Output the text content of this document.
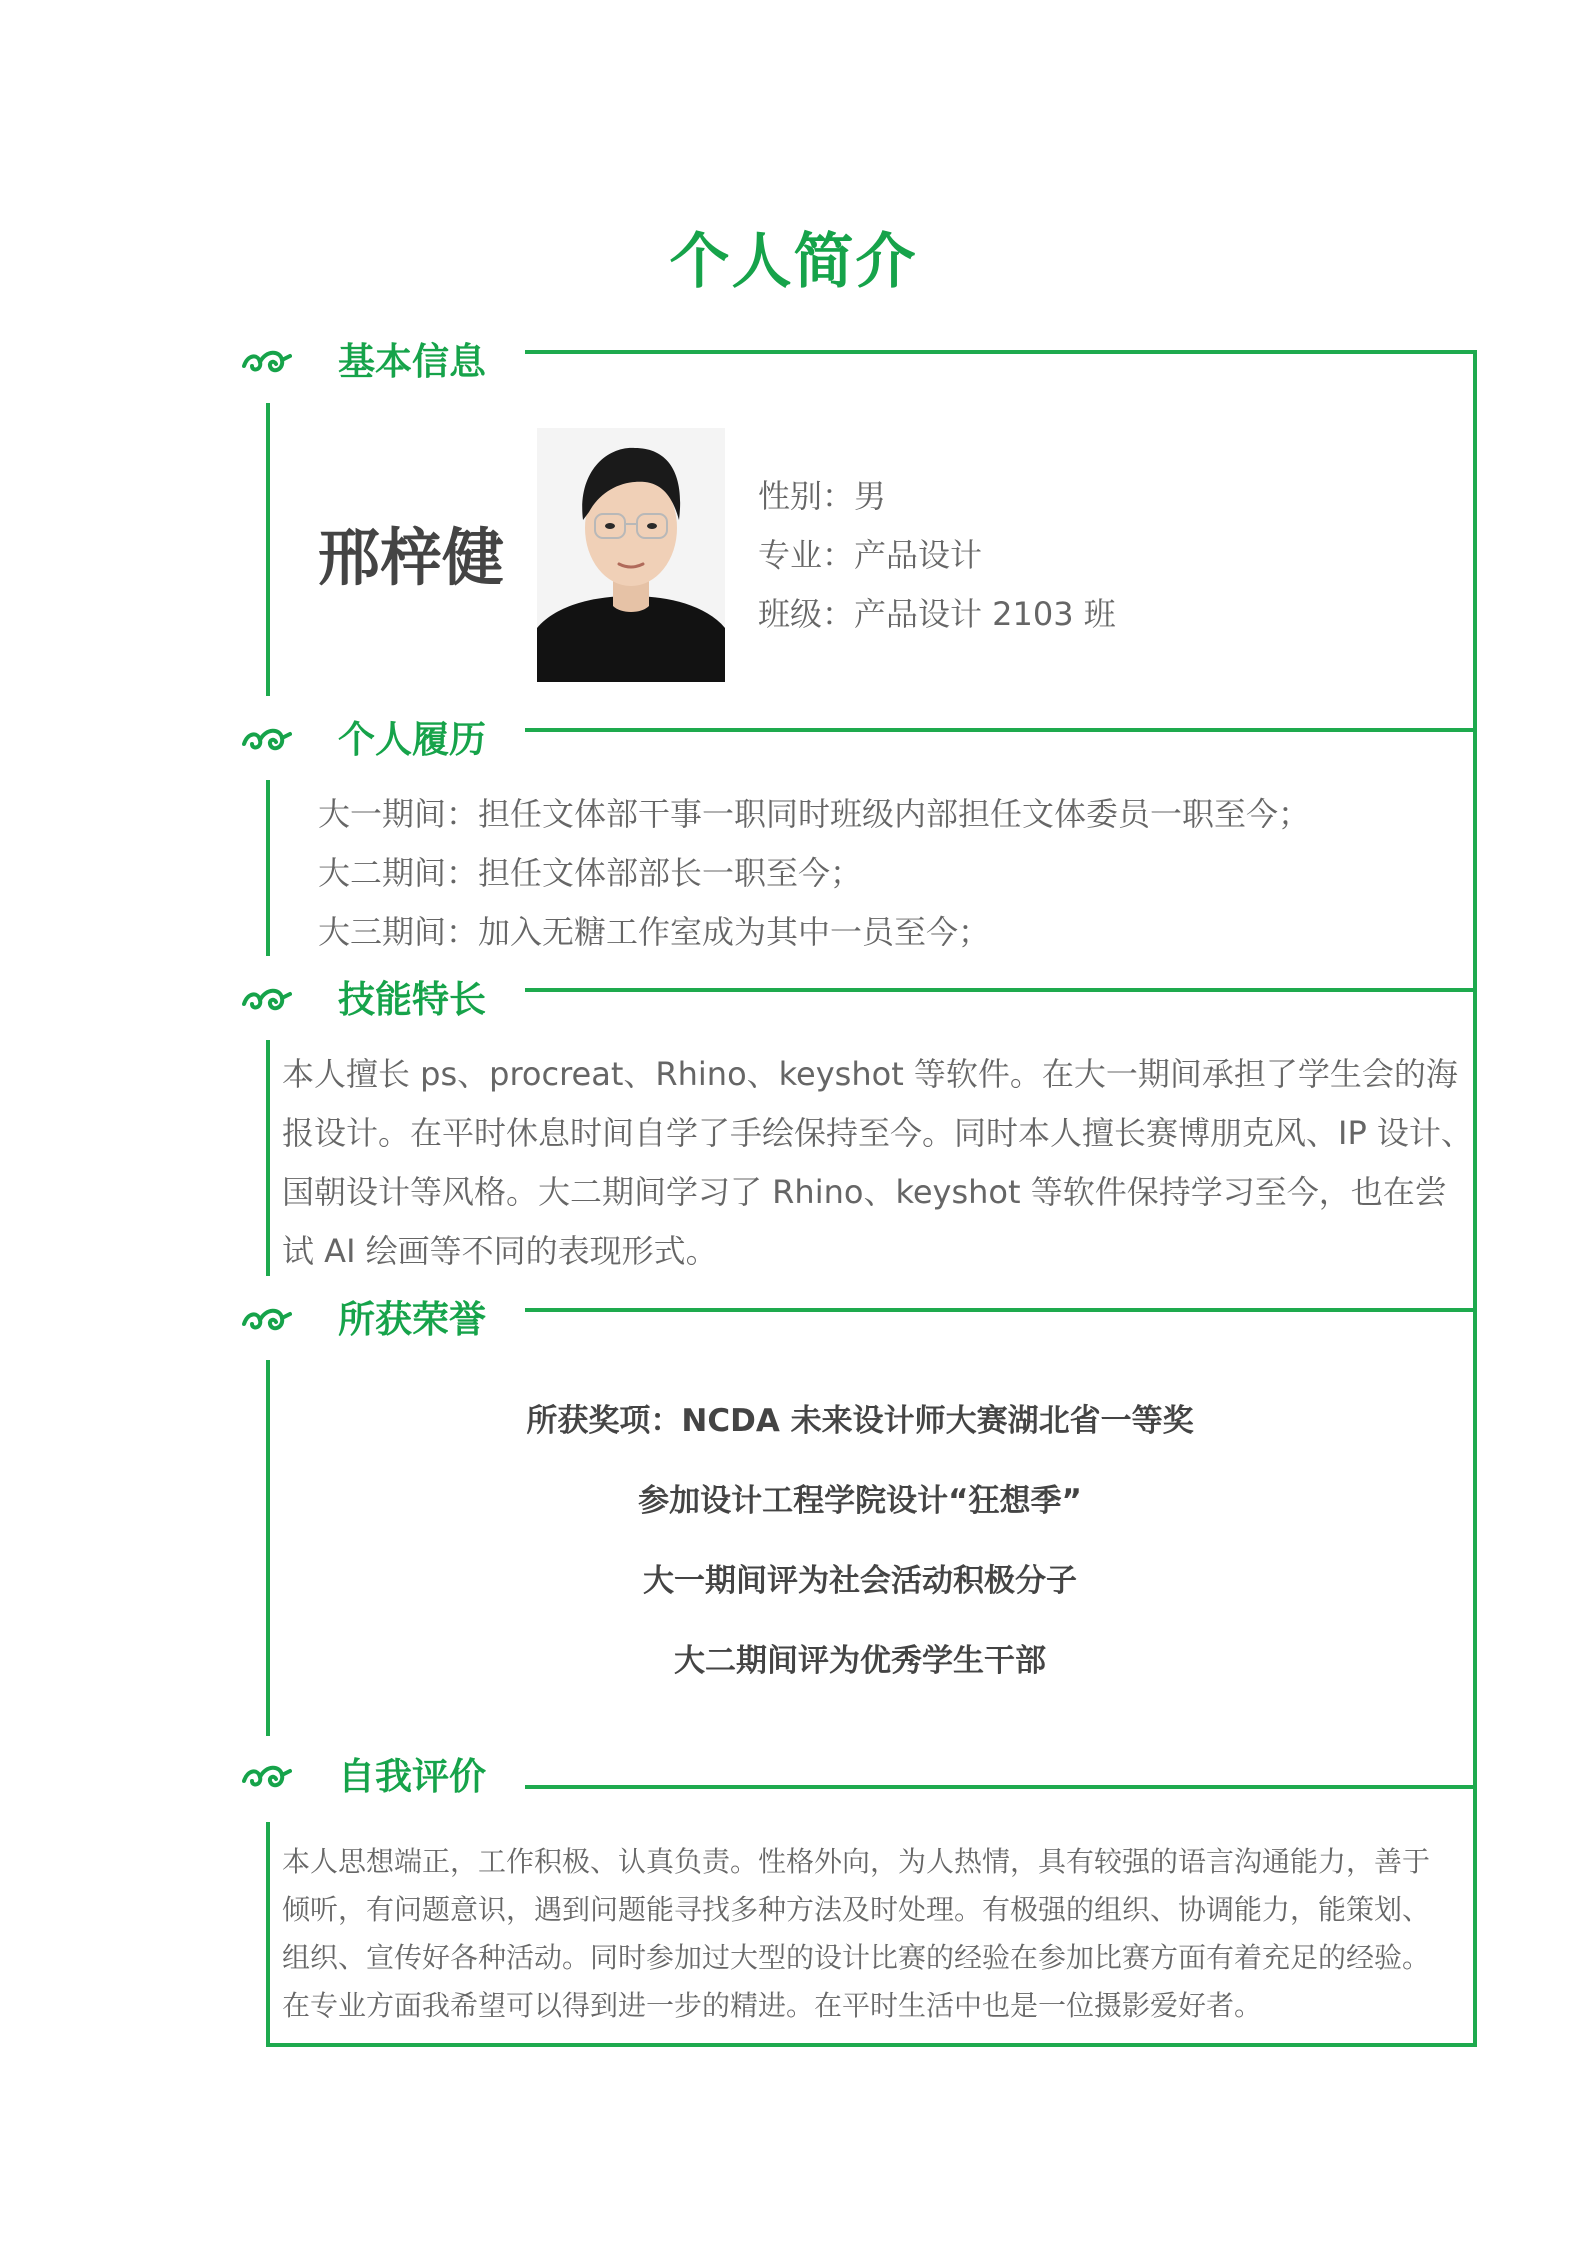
个人简介
基本信息
邢梓健
性别：男
专业：产品设计
班级：产品设计 2103 班
个人履历
大一期间：担任文体部干事一职同时班级内部担任文体委员一职至今；
大二期间：担任文体部部长一职至今；
大三期间：加入无糖工作室成为其中一员至今；
技能特长
本人擅长 ps、procreat、Rhino、keyshot 等软件。在大一期间承担了学生会的海
报设计。在平时休息时间自学了手绘保持至今。同时本人擅长赛博朋克风、IP 设计、
国朝设计等风格。大二期间学习了 Rhino、keyshot 等软件保持学习至今，也在尝
试 AI 绘画等不同的表现形式。
所获荣誉
所获奖项：NCDA 未来设计师大赛湖北省一等奖
参加设计工程学院设计“狂想季”
大一期间评为社会活动积极分子
大二期间评为优秀学生干部
自我评价
本人思想端正，工作积极、认真负责。性格外向，为人热情，具有较强的语言沟通能力，善于
倾听，有问题意识，遇到问题能寻找多种方法及时处理。有极强的组织、协调能力，能策划、
组织、宣传好各种活动。同时参加过大型的设计比赛的经验在参加比赛方面有着充足的经验。
在专业方面我希望可以得到进一步的精进。在平时生活中也是一位摄影爱好者。
